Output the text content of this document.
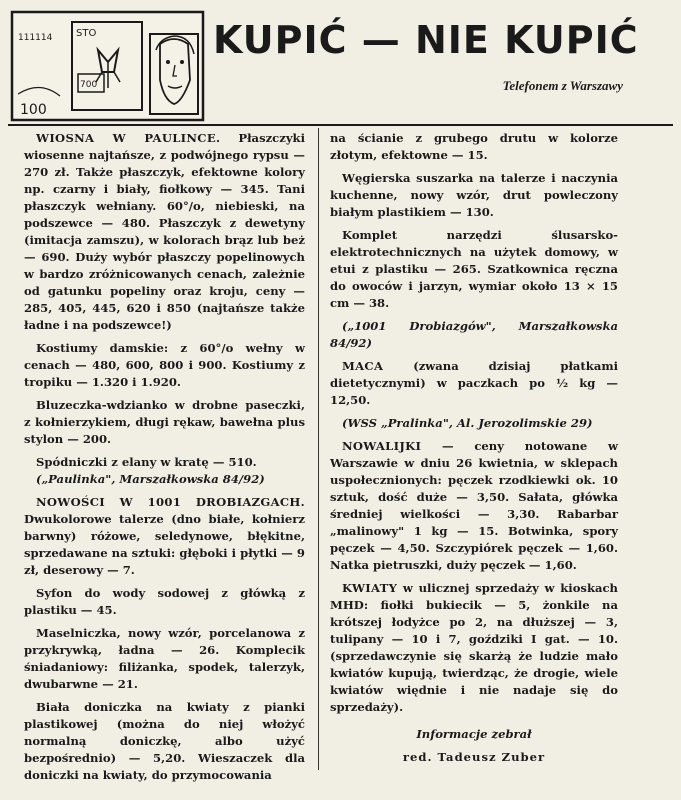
111114 STO
700
100
KUPIĆ — NIE KUPIĆ
Telefonem z Warszawy

WIOSNA W PAULINCE. Płaszczyki wiosenne najtańsze, z podwójnego rypsu — 270 zł. Także płaszczyk, efektowne kolory np. czarny i biały, fiołkowy — 345. Tani płaszczyk wełniany. 60°/o, niebieski, na podszewce — 480. Płaszczyk z dewetyny (imitacja zamszu), w kolorach brąz lub beż — 690. Duży wybór płaszczy popelinowych w bardzo zróżnicowanych cenach, zależnie od gatunku popeliny oraz kroju, ceny — 285, 405, 445, 620 i 850 (najtańsze także ładne i na podszewce!)

Kostiumy damskie: z 60°/o wełny w cenach — 480, 600, 800 i 900. Kostiumy z tropiku — 1.320 i 1.920.

Bluzeczka-wdzianko w drobne paseczki, z kołnierzykiem, długi rękaw, bawełna plus stylon — 200.

Spódniczki z elany w kratę — 510.

(„Paulinka", Marszałkowska 84/92)

NOWOŚCI W 1001 DROBIAZGACH. Dwukolorowe talerze (dno białe, kołnierz barwny) różowe, seledynowe, błękitne, sprzedawane na sztuki: głęboki i płytki — 9 zł, deserowy — 7.

Syfon do wody sodowej z główką z plastiku — 45.

Maselniczka, nowy wzór, porcelanowa z przykrywką, ładna — 26. Komplecik śniadaniowy: filiżanka, spodek, talerzyk, dwubarwne — 21.

Biała doniczka na kwiaty z pianki plastikowej (można do niej włożyć normalną doniczkę, albo użyć bezpośrednio) — 5,20. Wieszaczek dla doniczki na kwiaty, do przymocowania

na ścianie z grubego drutu w kolorze złotym, efektowne — 15.

Węgierska suszarka na talerze i naczynia kuchenne, nowy wzór, drut powleczony białym plastikiem — 130.

Komplet narzędzi ślusarsko-elektrotechnicznych na użytek domowy, w etui z plastiku — 265. Szatkownica ręczna do owoców i jarzyn, wymiar około 13 × 15 cm — 38.

(„1001 Drobiazgów", Marszałkowska 84/92)

MACA (zwana dzisiaj płatkami dietetycznymi) w paczkach po ½ kg — 12,50.

(WSS „Pralinka", Al. Jerozolimskie 29)

NOWALIJKI — ceny notowane w Warszawie w dniu 26 kwietnia, w sklepach uspołecznionych: pęczek rzodkiewki ok. 10 sztuk, dość duże — 3,50. Sałata, główka średniej wielkości — 3,30. Rabarbar „malinowy" 1 kg — 15. Botwinka, spory pęczek — 4,50. Szczypiórek pęczek — 1,60. Natka pietruszki, duży pęczek — 1,60.

KWIATY w ulicznej sprzedaży w kioskach MHD: fiołki bukiecik — 5, żonkile na krótszej łodyżce po 2, na dłuższej — 3, tulipany — 10 i 7, goździki I gat. — 10. (sprzedawczynie się skarżą że ludzie mało kwiatów kupują, twierdząc, że drogie, wiele kwiatów więdnie i nie nadaje się do sprzedaży).

Informacje zebrał

red. Tadeusz Zuber
